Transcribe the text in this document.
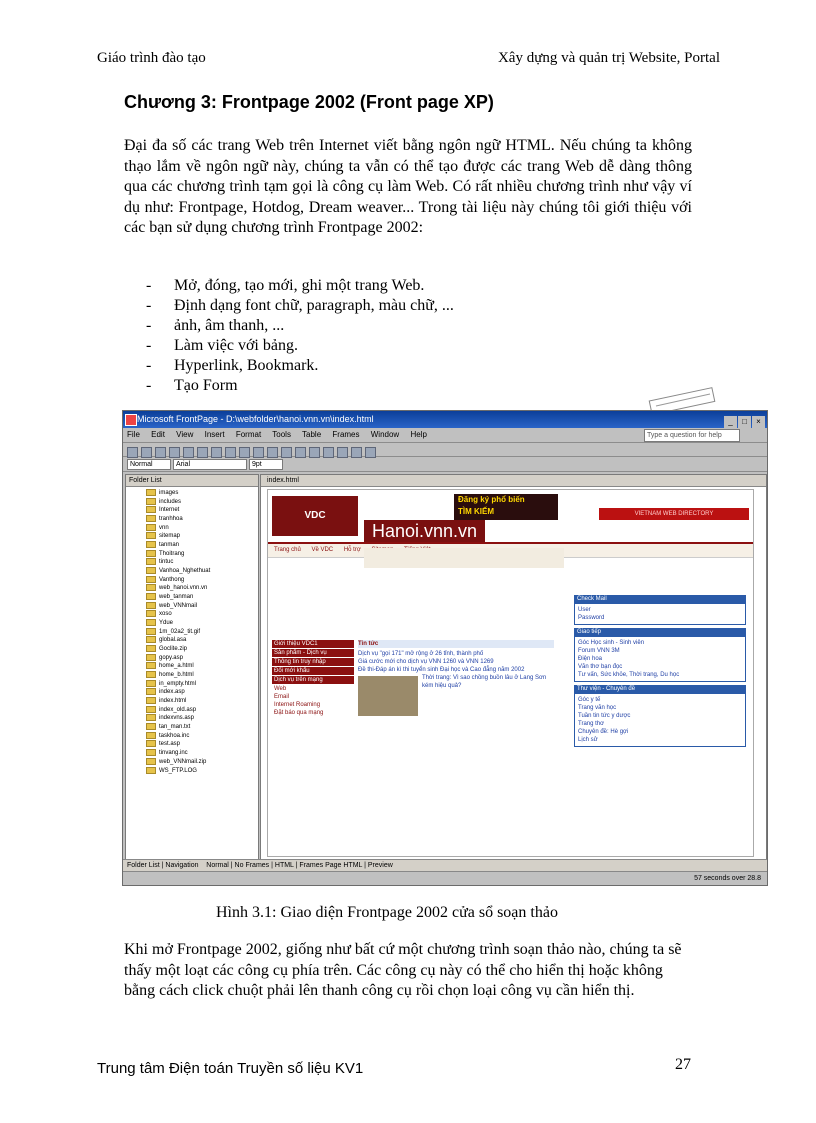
Giáo trình đào tạo	Xây dựng và quản trị Website, Portal
Chương 3: Frontpage 2002 (Front page XP)
Đại đa số các trang Web trên Internet viết bằng ngôn ngữ HTML. Nếu chúng ta không thạo lắm về ngôn ngữ này, chúng ta vẫn có thể tạo được các trang Web dễ dàng thông qua các chương trình tạm gọi là công cụ làm Web. Có rất nhiều chương trình như vậy ví dụ như: Frontpage, Hotdog, Dream weaver... Trong tài liệu này chúng tôi giới thiệu với các bạn sử dụng chương trình Frontpage 2002:
- Mở, đóng, tạo mới, ghi một trang Web.
- Định dạng font chữ, paragraph, màu chữ, ...
- ảnh, âm thanh, ...
- Làm việc với bảng.
- Hyperlink, Bookmark.
- Tạo Form
Microsoft FrontPage - D:\webfolder\hanoi.vnn.vn\index.html	_ □ ×
File Edit View Insert Format Tools Table Frames Window Help	Type a question for help
Normal	Arial	9pt
Folder List
images
includes
Internet
tranhhoa
vnn
sitemap
tanman
Thoitrang
tintuc
Vanhoa_Nghethuat
Vanthong
web_hanoi.vnn.vn
web_tanman
web_VNNmail
xoso
Ydue
1m_02a2_tit.gif
global.asa
Goclite.zip
gopy.asp
home_a.html
home_b.html
in_empty.html
index.asp
index.html
index_old.asp
indexvns.asp
tan_man.txt
taskhoa.inc
test.asp
tinvang.inc
web_VNNmail.zip
WS_FTP.LOG
index.html
VDC
Đăng ký phổ biến
TÌM KIẾM	VIETNAM WEB DIRECTORY
Hanoi.vnn.vn
Trang chủ Về VDC Hỗ trợ
Giới thiệu VDC1
Sản phẩm - Dịch vụ
Thông tin truy nhập
Đối mới khẩu
Dịch vụ trên mạng
Web
Email
Internet Roaming
Đặt báo qua mạng
Tin tức
Dịch vụ "gọi 171" mở rộng ở 26 tỉnh, thành phố
Giá cước mới cho dịch vụ VNN 1260 và VNN 1269
Đề thi-Đáp án kì thi tuyển sinh Đại học và Cao đẳng năm 2002
Thời trang: Vì sao chồng buồn lâu ở Lang Sơn kém hiệu quả?
Check Mail
User
Password
Giao tiếp
Góc Học sinh - Sinh viên
Forum VNN 3M
Điện hoa
Văn thơ bạn đọc
Tư vấn, Sức khỏe, Thời trang, Du học
Thư viện - Chuyên đề
Góc y tế
Trang văn học
Tuần tin tức y dược
Trang thơ
Chuyên đề: Hè gợi
Lịch sử
Folder List | Navigation Normal | No Frames | HTML | Frames Page HTML | Preview
57 seconds over 28.8
Hình 3.1: Giao diện Frontpage 2002 cửa sổ soạn thảo
Khi mở Frontpage 2002, giống như bất cứ một chương trình soạn thảo nào, chúng ta sẽ thấy một loạt các công cụ phía trên. Các công cụ này có thể cho hiển thị hoặc không bằng cách click chuột phải lên thanh công cụ rồi chọn loại công vụ cần hiển thị.
Trung tâm Điện toán Truyền số liệu KV1	27
